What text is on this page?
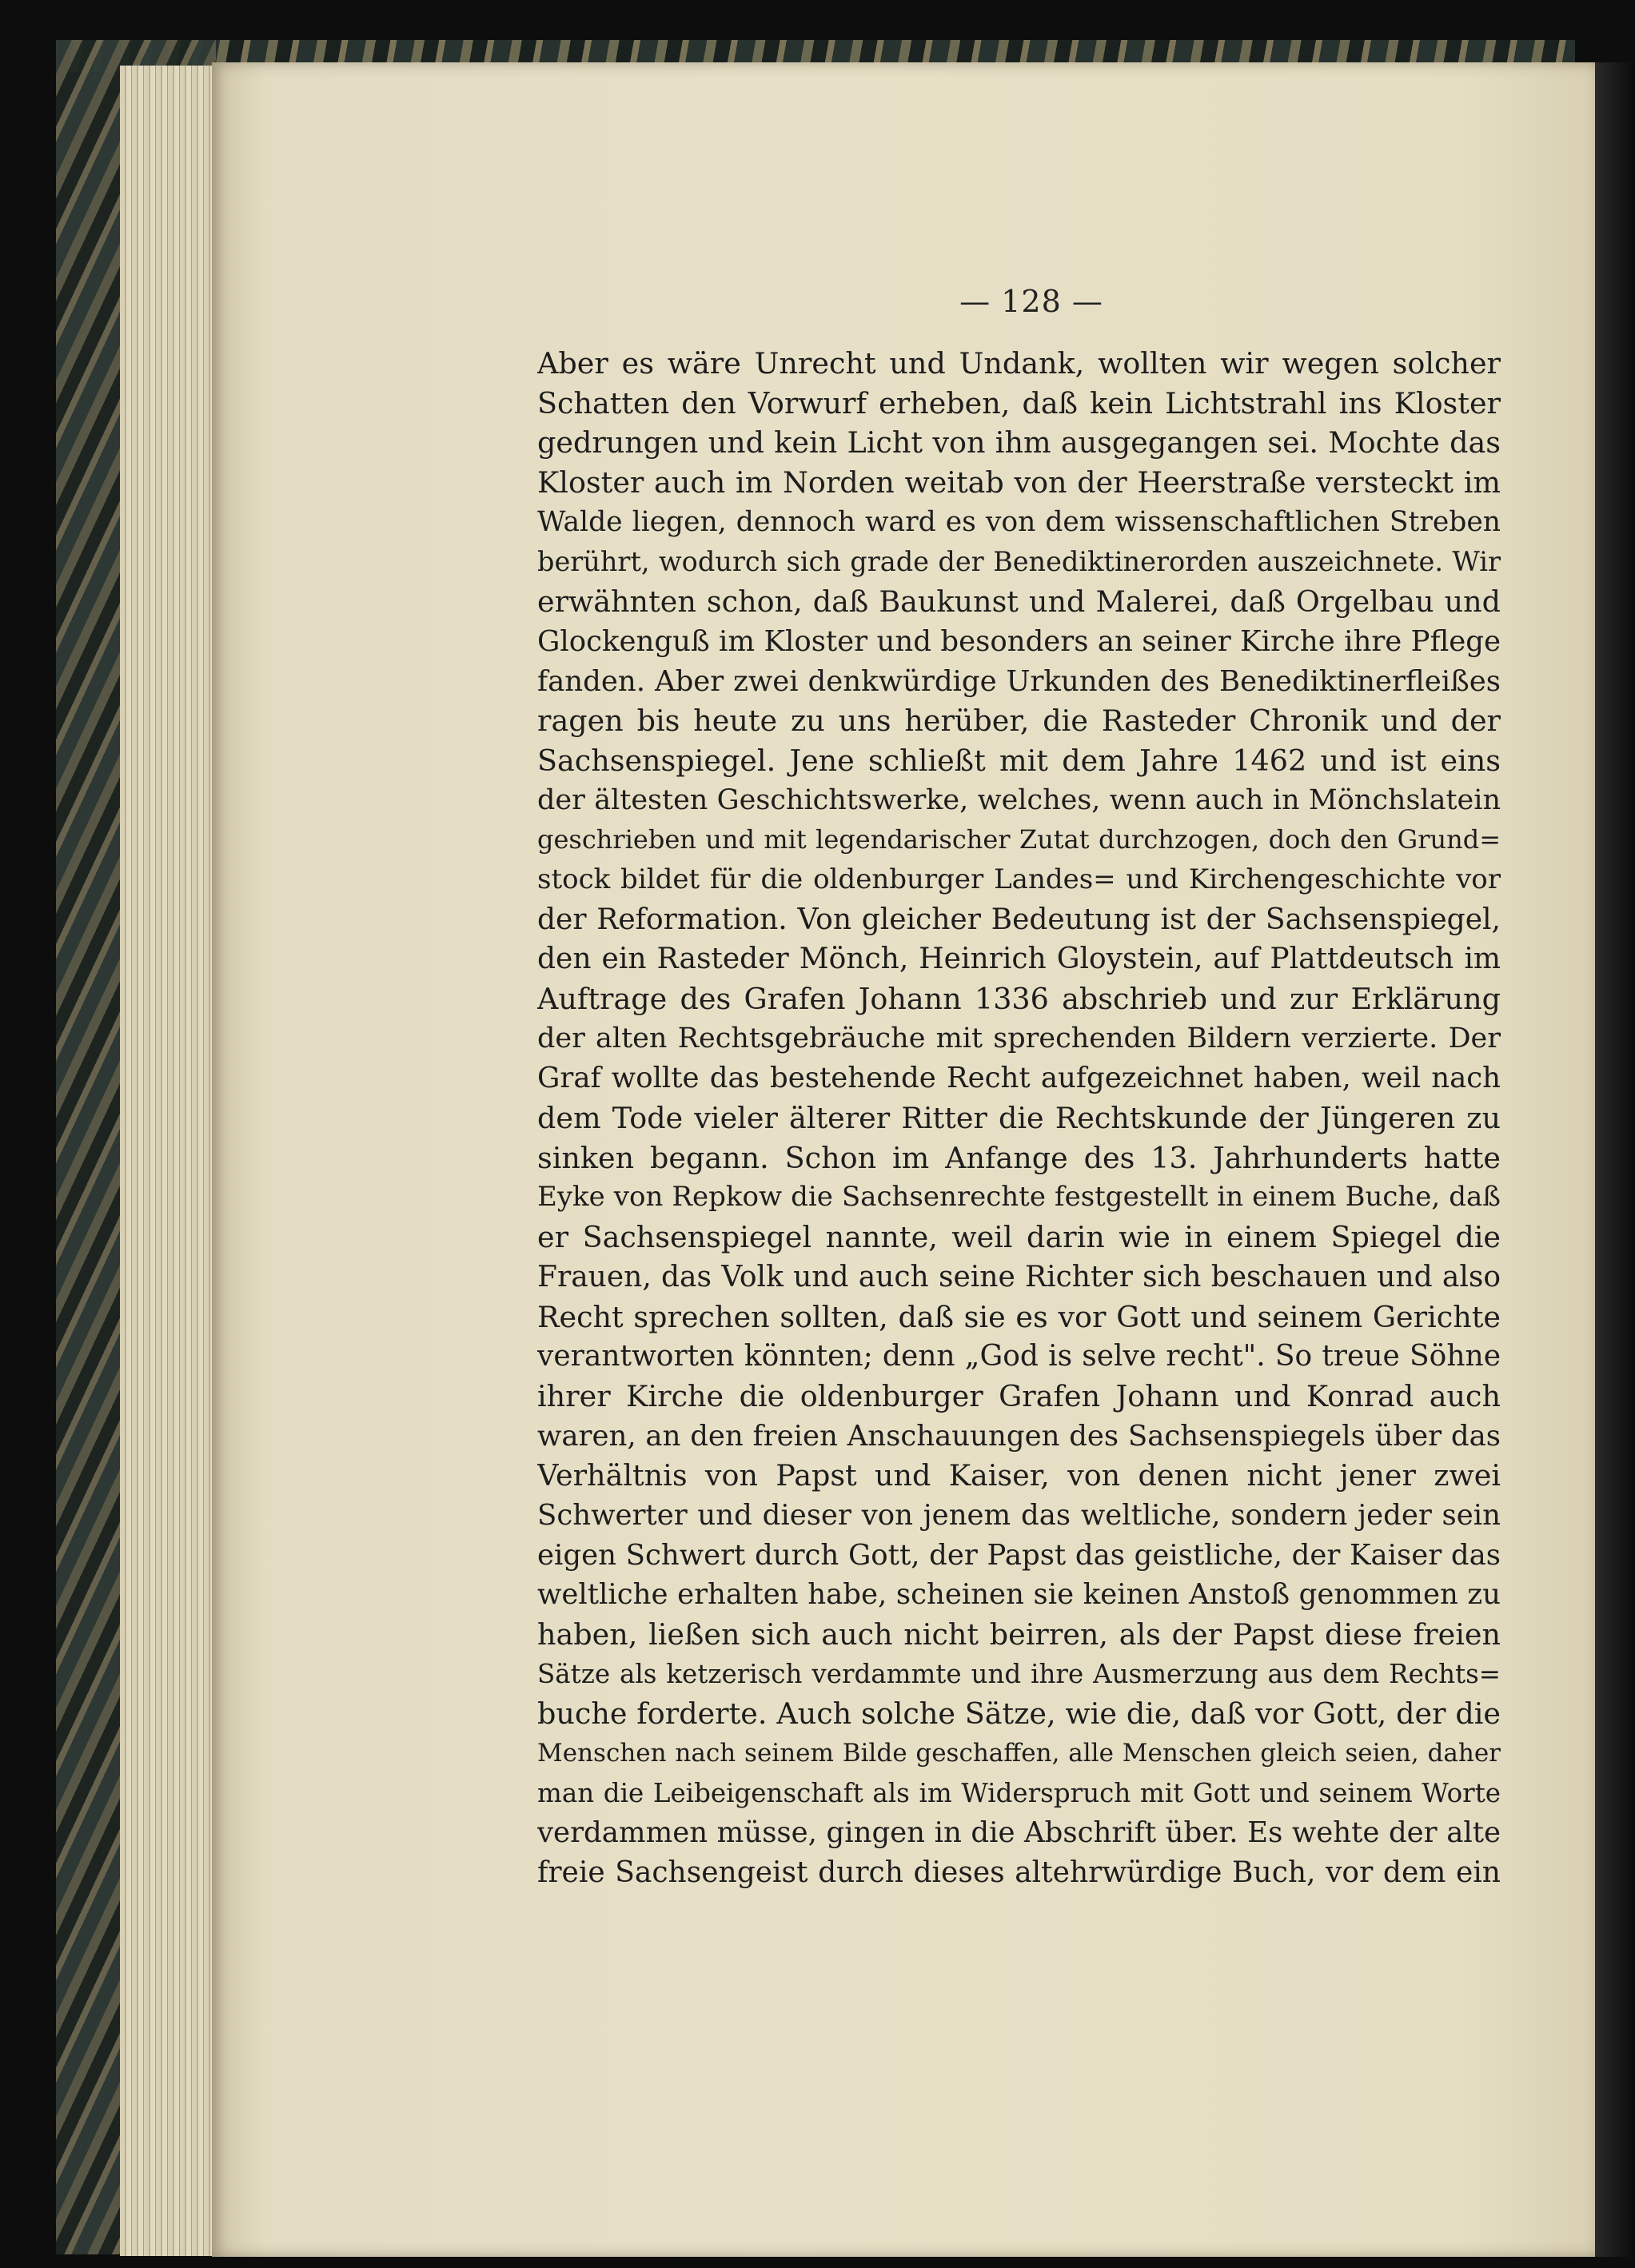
— 128 —
Aber es wäre Unrecht und Undank, wollten wir wegen solcher
Schatten den Vorwurf erheben, daß kein Lichtstrahl ins Kloster
gedrungen und kein Licht von ihm ausgegangen sei. Mochte das
Kloster auch im Norden weitab von der Heerstraße versteckt im
Walde liegen, dennoch ward es von dem wissenschaftlichen Streben
berührt, wodurch sich grade der Benediktinerorden auszeichnete. Wir
erwähnten schon, daß Baukunst und Malerei, daß Orgelbau und
Glockenguß im Kloster und besonders an seiner Kirche ihre Pflege
fanden. Aber zwei denkwürdige Urkunden des Benediktinerfleißes
ragen bis heute zu uns herüber, die Rasteder Chronik und der
Sachsenspiegel. Jene schließt mit dem Jahre 1462 und ist eins
der ältesten Geschichtswerke, welches, wenn auch in Mönchslatein
geschrieben und mit legendarischer Zutat durchzogen, doch den Grund=
stock bildet für die oldenburger Landes= und Kirchengeschichte vor
der Reformation. Von gleicher Bedeutung ist der Sachsenspiegel,
den ein Rasteder Mönch, Heinrich Gloystein, auf Plattdeutsch im
Auftrage des Grafen Johann 1336 abschrieb und zur Erklärung
der alten Rechtsgebräuche mit sprechenden Bildern verzierte. Der
Graf wollte das bestehende Recht aufgezeichnet haben, weil nach
dem Tode vieler älterer Ritter die Rechtskunde der Jüngeren zu
sinken begann. Schon im Anfange des 13. Jahrhunderts hatte
Eyke von Repkow die Sachsenrechte festgestellt in einem Buche, daß
er Sachsenspiegel nannte, weil darin wie in einem Spiegel die
Frauen, das Volk und auch seine Richter sich beschauen und also
Recht sprechen sollten, daß sie es vor Gott und seinem Gerichte
verantworten könnten; denn „God is selve recht". So treue Söhne
ihrer Kirche die oldenburger Grafen Johann und Konrad auch
waren, an den freien Anschauungen des Sachsenspiegels über das
Verhältnis von Papst und Kaiser, von denen nicht jener zwei
Schwerter und dieser von jenem das weltliche, sondern jeder sein
eigen Schwert durch Gott, der Papst das geistliche, der Kaiser das
weltliche erhalten habe, scheinen sie keinen Anstoß genommen zu
haben, ließen sich auch nicht beirren, als der Papst diese freien
Sätze als ketzerisch verdammte und ihre Ausmerzung aus dem Rechts=
buche forderte. Auch solche Sätze, wie die, daß vor Gott, der die
Menschen nach seinem Bilde geschaffen, alle Menschen gleich seien, daher
man die Leibeigenschaft als im Widerspruch mit Gott und seinem Worte
verdammen müsse, gingen in die Abschrift über. Es wehte der alte
freie Sachsengeist durch dieses altehrwürdige Buch, vor dem ein
